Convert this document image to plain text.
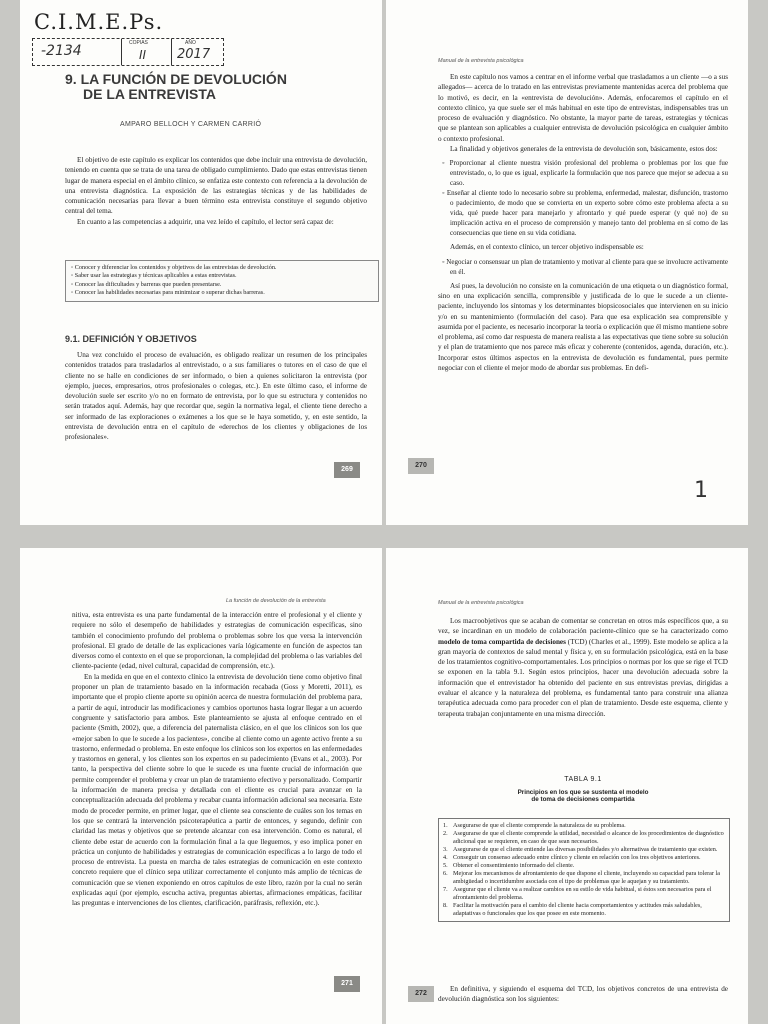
C.I.M.E.Ps.
-2134	COPIAS
II
AÑO
2017
9. LA FUNCIÓN DE DEVOLUCIÓN
DE LA ENTREVISTA
AMPARO BELLOCH Y CARMEN CARRIÓ

El objetivo de este capítulo es explicar los contenidos que debe incluir una entrevista de devolución, teniendo en cuenta que se trata de una tarea de obligado cumplimiento. Dado que estas entrevistas tienen lugar de manera especial en el ámbito clínico, se enfatiza este contexto con referencia a la devolución de una entrevista diagnóstica. La exposición de las estrategias técnicas y de las habilidades de comunicación necesarias para llevar a buen término esta entrevista constituye el segundo objetivo central del tema.

En cuanto a las competencias a adquirir, una vez leído el capítulo, el lector será capaz de:

◦ Conocer y diferenciar los contenidos y objetivos de las entrevistas de devolución.
◦ Saber usar las estrategias y técnicas aplicables a estas entrevistas.
◦ Conocer las dificultades y barreras que pueden presentarse.
◦ Conocer las habilidades necesarias para minimizar o superar dichas barreras.
9.1. DEFINICIÓN Y OBJETIVOS

Una vez concluido el proceso de evaluación, es obligado realizar un resumen de los principales contenidos tratados para trasladarlos al entrevistado, o a sus familiares o tutores en el caso de que el cliente no se halle en condiciones de ser informado, o bien a quienes solicitaron la entrevista (por ejemplo, jueces, empresarios, otros profesionales o colegas, etc.). En este último caso, el informe de devolución suele ser escrito y/o no en formato de entrevista, por lo que su estructura y contenidos no serán tratados aquí. Además, hay que recordar que, según la normativa legal, el cliente tiene derecho a ser informado de las exploraciones o exámenes a los que se le haya sometido, y, en este sentido, la entrevista de devolución entra en el capítulo de «derechos de los clientes y obligaciones de los profesionales».

269
Manual de la entrevista psicológica

En este capítulo nos vamos a centrar en el informe verbal que trasladamos a un cliente —o a sus allegados— acerca de lo tratado en las entrevistas previamente mantenidas acerca del problema que lo motivó, es decir, en la «entrevista de devolución». Además, enfocaremos el capítulo en el contexto clínico, ya que suele ser el más habitual en este tipo de entrevistas, indispensables tras un proceso de evaluación y diagnóstico. No obstante, la mayor parte de tareas, estrategias y técnicas que se plantean son aplicables a cualquier entrevista de devolución psicológica en cualquier ámbito o contexto profesional.

La finalidad y objetivos generales de la entrevista de devolución son, básicamente, estos dos:

◦ Proporcionar al cliente nuestra visión profesional del problema o problemas por los que fue entrevistado, o, lo que es igual, explicarle la formulación que nos parece que mejor se adecua a su caso.
◦ Enseñar al cliente todo lo necesario sobre su problema, enfermedad, malestar, disfunción, trastorno o padecimiento, de modo que se convierta en un experto sobre cómo este problema afecta a su vida, qué puede hacer para manejarlo y afrontarlo y qué puede esperar (y qué no) de su implicación activa en el proceso de comprensión y manejo tanto del problema en sí como de las consecuencias que tiene en su vida cotidiana.

Además, en el contexto clínico, un tercer objetivo indispensable es:

◦ Negociar o consensuar un plan de tratamiento y motivar al cliente para que se involucre activamente en él.

Así pues, la devolución no consiste en la comunicación de una etiqueta o un diagnóstico formal, sino en una explicación sencilla, comprensible y justificada de lo que le sucede a un cliente-paciente, incluyendo los síntomas y los determinantes biopsicosociales que intervienen en su inicio y/o en su mantenimiento (formulación del caso). Para que esa explicación sea comprensible y asumida por el paciente, es necesario incorporar la teoría o explicación que él mismo mantiene sobre el problema, así como dar respuesta de manera realista a las expectativas que tiene sobre su solución y el plan de tratamiento que nos parece más eficaz y coherente (contenidos, agenda, duración, etc.). Incorporar estos últimos aspectos en la entrevista de devolución es fundamental, pues permite negociar con el cliente el mejor modo de abordar sus problemas. En defi-

270
1
La función de devolución de la entrevista

nitiva, esta entrevista es una parte fundamental de la interacción entre el profesional y el cliente y requiere no sólo el desempeño de habilidades y estrategias de comunicación específicas, sino también el conocimiento profundo del problema o problemas sobre los que versa la intervención profesional. El grado de detalle de las explicaciones varía lógicamente en función de aspectos tan diversos como el contexto en el que se proporcionan, la complejidad del problema o las variables del cliente-paciente (edad, nivel cultural, capacidad de comprensión, etc.).

En la medida en que en el contexto clínico la entrevista de devolución tiene como objetivo final proponer un plan de tratamiento basado en la información recabada (Goss y Moretti, 2011), es importante que el propio cliente aporte su opinión acerca de nuestra formulación del problema para, a partir de aquí, introducir las modificaciones y cambios oportunos hasta lograr llegar a un acuerdo congruente y satisfactorio para ambos. Este planteamiento se ajusta al enfoque centrado en el paciente (Smith, 2002), que, a diferencia del paternalista clásico, en el que los clínicos son los que «mejor saben lo que le sucede a los pacientes», concibe al cliente como un agente activo frente a su trastorno, enfermedad o problema. En este enfoque los clínicos son los expertos en las enfermedades y trastornos en general, y los clientes son los expertos en su padecimiento (Evans et al., 2003). Por tanto, la perspectiva del cliente sobre lo que le sucede es una fuente crucial de información que permite comprender el problema y crear un plan de tratamiento efectivo y personalizado. Compartir la información de manera precisa y detallada con el cliente es crucial para avanzar en la conceptualización adecuada del problema y recabar cuanta información adicional sea necesaria. Este modo de proceder permite, en primer lugar, que el cliente sea consciente de cuáles son los temas en los que se centrará la intervención psicoterapéutica a partir de entonces, y segundo, definir con claridad las metas y objetivos que se pretende alcanzar con esa intervención. Como es natural, el cliente debe estar de acuerdo con la formulación final a la que lleguemos, y eso implica poner en práctica un conjunto de habilidades y estrategias de comunicación específicas a lo largo de todo el proceso de entrevista. La puesta en marcha de tales estrategias de comunicación en este contexto concreto requiere que el clínico sepa utilizar correctamente el conjunto más amplio de técnicas de comunicación que se vienen exponiendo en otros capítulos de este libro, razón por la cual no serán explicadas aquí (por ejemplo, escucha activa, preguntas abiertas, afirmaciones empáticas, facilitar las preguntas e intervenciones de los clientes, clarificación, paráfrasis, reflexión, etc.).

271
Manual de la entrevista psicológica

Los macroobjetivos que se acaban de comentar se concretan en otros más específicos que, a su vez, se incardinan en un modelo de colaboración paciente-clínico que se ha caracterizado como modelo de toma compartida de decisiones (TCD) (Charles et al., 1999). Este modelo se aplica a la gran mayoría de contextos de salud mental y física y, en su formulación psicológica, está en la base de los tratamientos cognitivo-comportamentales. Los principios o normas por los que se rige el TCD se exponen en la tabla 9.1. Según estos principios, hacer una devolución adecuada sobre la información que el entrevistador ha obtenido del paciente en sus entrevistas previas, dirigidas a evaluar el alcance y la naturaleza del problema, es fundamental tanto para construir una alianza terapéutica adecuada como para proceder con el plan de tratamiento. Desde este esquema, cliente y terapeuta trabajan conjuntamente en una misma dirección.

TABLA 9.1
Principios en los que se sustenta el modelo
de toma de decisiones compartida
1. Asegurarse de que el cliente comprende la naturaleza de su problema.
2. Asegurarse de que el cliente comprende la utilidad, necesidad o alcance de los procedimientos de diagnóstico adicional que se requieren, en caso de que sean necesarios.
3. Asegurarse de que el cliente entiende las diversas posibilidades y/o alternativas de tratamiento que existen.
4. Conseguir un consenso adecuado entre clínico y cliente en relación con los tres objetivos anteriores.
5. Obtener el consentimiento informado del cliente.
6. Mejorar los mecanismos de afrontamiento de que dispone el cliente, incluyendo su capacidad para tolerar la ambigüedad o incertidumbre asociada con el tipo de problemas que le aquejan y su tratamiento.
7. Asegurar que el cliente va a realizar cambios en su estilo de vida habitual, si éstos son necesarios para el afrontamiento del problema.
8. Facilitar la motivación para el cambio del cliente hacia comportamientos y actitudes más saludables, adaptativas o funcionales que los que posee en este momento.
272

En definitiva, y siguiendo el esquema del TCD, los objetivos concretos de una entrevista de devolución diagnóstica son los siguientes:
